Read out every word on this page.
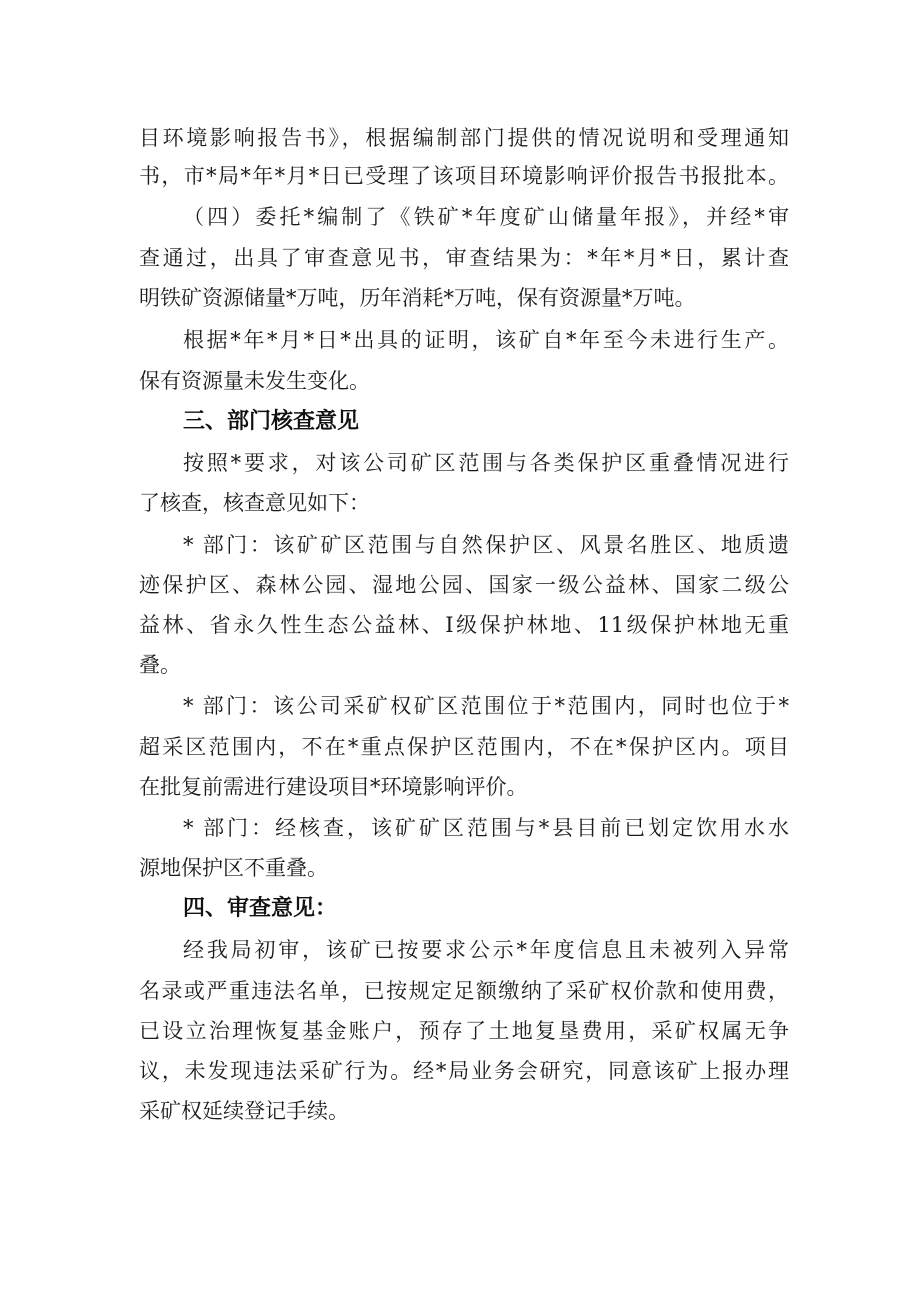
目环境影响报告书》，根据编制部门提供的情况说明和受理通知
书，市*局*年*月*日已受理了该项目环境影响评价报告书报批本。
（四）委托*编制了《铁矿*年度矿山储量年报》，并经*审
查通过，出具了审查意见书，审查结果为：*年*月*日，累计查
明铁矿资源储量*万吨，历年消耗*万吨，保有资源量*万吨。
根据*年*月*日*出具的证明，该矿自*年至今未进行生产。
保有资源量未发生变化。
三、部门核查意见
按照*要求，对该公司矿区范围与各类保护区重叠情况进行
了核查，核查意见如下：
* 部门：该矿矿区范围与自然保护区、风景名胜区、地质遗
迹保护区、森林公园、湿地公园、国家一级公益林、国家二级公
益林、省永久性生态公益林、I级保护林地、11级保护林地无重
叠。
* 部门：该公司采矿权矿区范围位于*范围内，同时也位于*
超采区范围内，不在*重点保护区范围内，不在*保护区内。项目
在批复前需进行建设项目*环境影响评价。
* 部门：经核查，该矿矿区范围与*县目前已划定饮用水水
源地保护区不重叠。
四、审查意见：
经我局初审，该矿已按要求公示*年度信息且未被列入异常
名录或严重违法名单，已按规定足额缴纳了采矿权价款和使用费，
已设立治理恢复基金账户，预存了土地复垦费用，采矿权属无争
议，未发现违法采矿行为。经*局业务会研究，同意该矿上报办理
采矿权延续登记手续。
